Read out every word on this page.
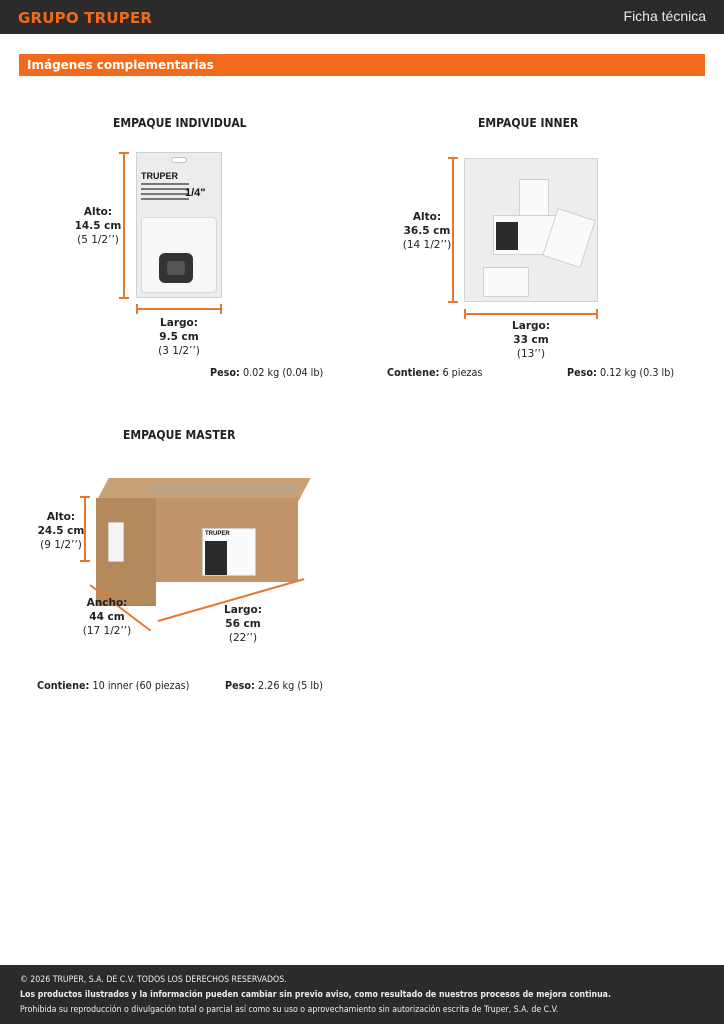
GRUPO TRUPER	Ficha técnica
Imágenes complementarias
EMPAQUE INDIVIDUAL
TRUPER
1/4"
Alto:
14.5 cm
(5 1/2’’)
Largo:
9.5 cm
(3 1/2’’)
Peso: 0.02 kg (0.04 lb)
EMPAQUE INNER
Alto:
36.5 cm
(14 1/2’’)
Largo:
33 cm
(13’’)
Contiene: 6 piezas	Peso: 0.12 kg (0.3 lb)
EMPAQUE MASTER
TRUPER
Alto:
24.5 cm
(9 1/2’’)
Ancho:
44 cm
(17 1/2’’)
Largo:
56 cm
(22’’)
Contiene: 10 inner (60 piezas)	Peso: 2.26 kg (5 lb)
© 2026 TRUPER, S.A. DE C.V. TODOS LOS DERECHOS RESERVADOS.
Los productos ilustrados y la información pueden cambiar sin previo aviso, como resultado de nuestros procesos de mejora continua.
Prohibida su reproducción o divulgación total o parcial así como su uso o aprovechamiento sin autorización escrita de Truper, S.A. de C.V.
